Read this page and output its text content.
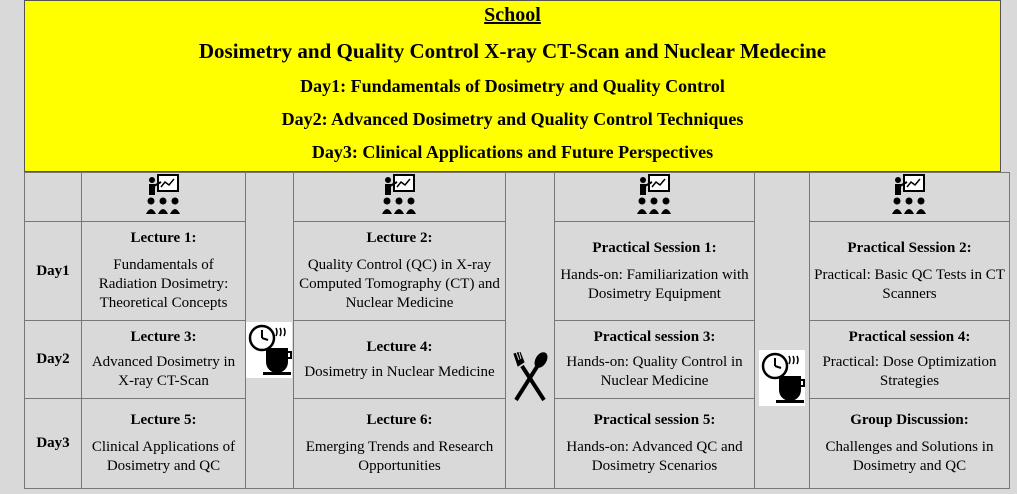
School
Dosimetry and Quality Control X-ray CT-Scan and Nuclear Medecine
Day1: Fundamentals of Dosimetry and Quality Control
Day2: Advanced Dosimetry and Quality Control Techniques
Day3: Clinical Applications and Future Perspectives

Day1	Lecture 1:
Fundamentals of Radiation Dosimetry: Theoretical Concepts		Lecture 2:
Quality Control (QC) in X-ray Computed Tomography (CT) and Nuclear Medicine		Practical Session 1:
Hands-on: Familiarization with Dosimetry Equipment		Practical Session 2:
Practical: Basic QC Tests in CT Scanners

Day2	Lecture 3:
Advanced Dosimetry in X-ray CT-Scan		Lecture 4:
Dosimetry in Nuclear Medicine		Practical session 3:
Hands-on: Quality Control in Nuclear Medicine		Practical session 4:
Practical: Dose Optimization Strategies

Day3	Lecture 5:
Clinical Applications of Dosimetry and QC		Lecture 6:
Emerging Trends and Research Opportunities		Practical session 5:
Hands-on: Advanced QC and Dosimetry Scenarios		Group Discussion:
Challenges and Solutions in Dosimetry and QC
